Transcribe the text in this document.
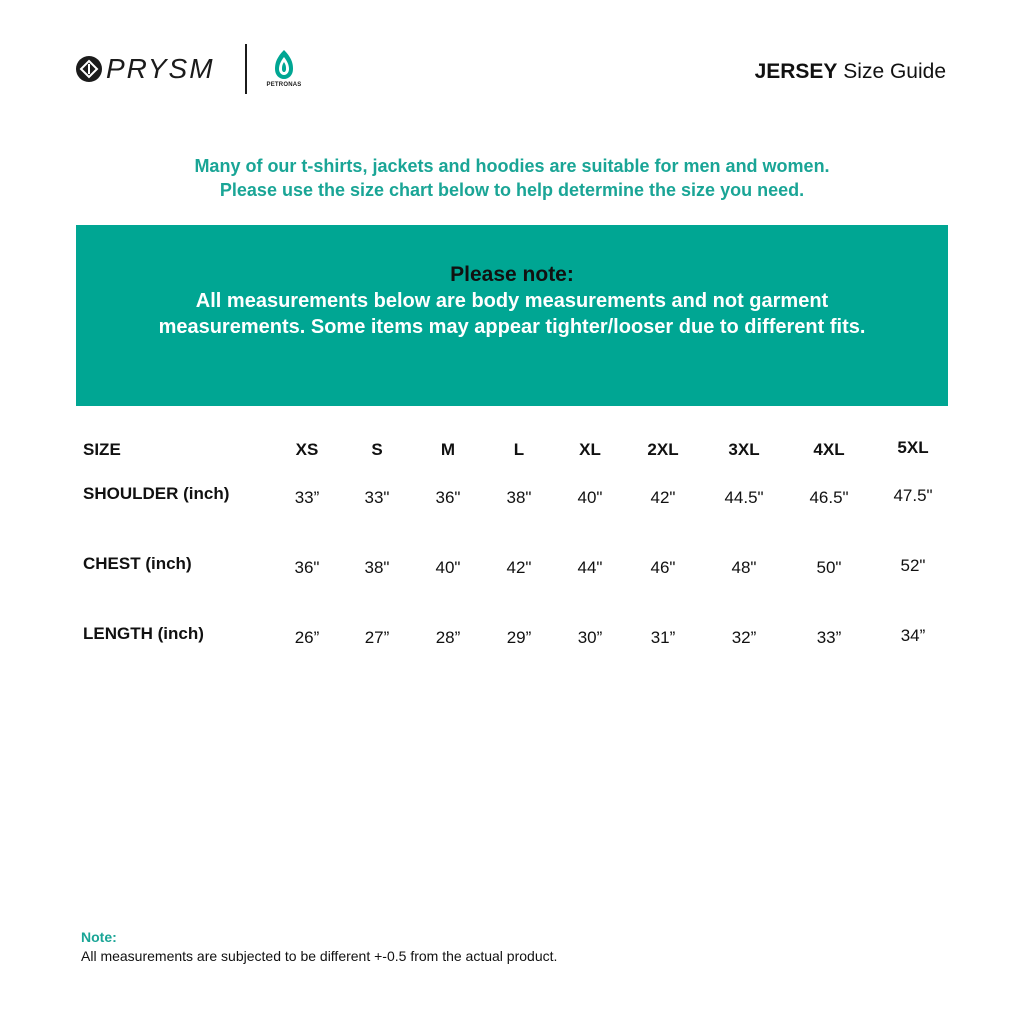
PRYSM
PETRONAS
JERSEY Size Guide
Many of our t-shirts, jackets and hoodies are suitable for men and women.
Please use the size chart below to help determine the size you need.
Please note:
All measurements below are body measurements and not garment measurements. Some items may appear tighter/looser due to different fits.
SIZE	XS	S	M	L	XL	2XL	3XL	4XL	5XL
SHOULDER (inch)	33”	33"	36"	38"	40"	42"	44.5"	46.5"	47.5"
CHEST (inch)	36"	38"	40"	42"	44"	46"	48"	50"	52"
LENGTH (inch)	26”	27”	28”	29”	30”	31”	32”	33”	34”
Note:
All measurements are subjected to be different +-0.5 from the actual product.
